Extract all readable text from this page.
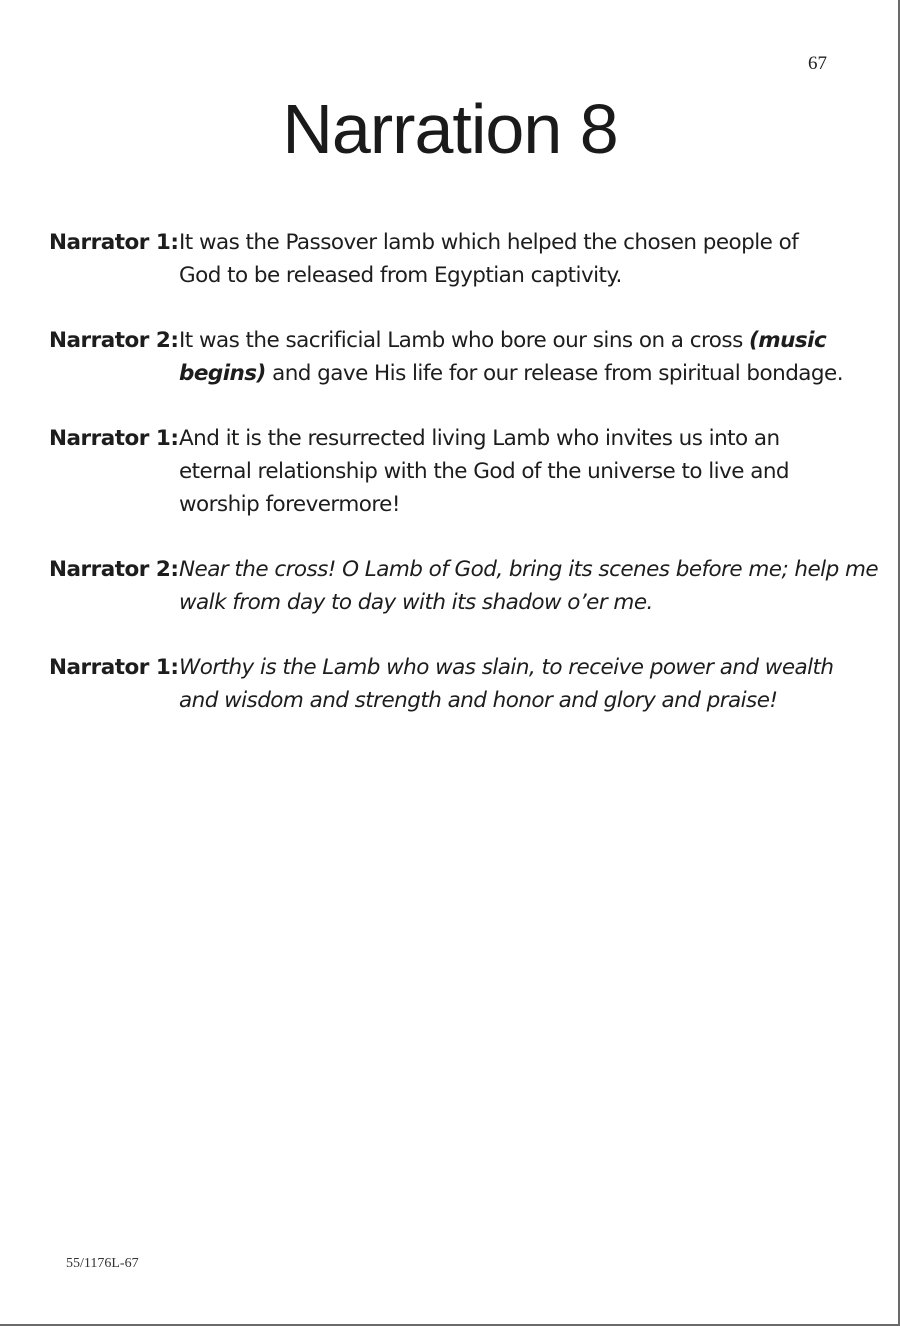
67
Narration 8
Narrator 1: It was the Passover lamb which helped the chosen people of
God to be released from Egyptian captivity.
Narrator 2: It was the sacrificial Lamb who bore our sins on a cross (music
begins) and gave His life for our release from spiritual bondage.
Narrator 1: And it is the resurrected living Lamb who invites us into an
eternal relationship with the God of the universe to live and
worship forevermore!
Narrator 2: Near the cross! O Lamb of God, bring its scenes before me; help me
walk from day to day with its shadow o’er me.
Narrator 1: Worthy is the Lamb who was slain, to receive power and wealth
and wisdom and strength and honor and glory and praise!
55/1176L-67
